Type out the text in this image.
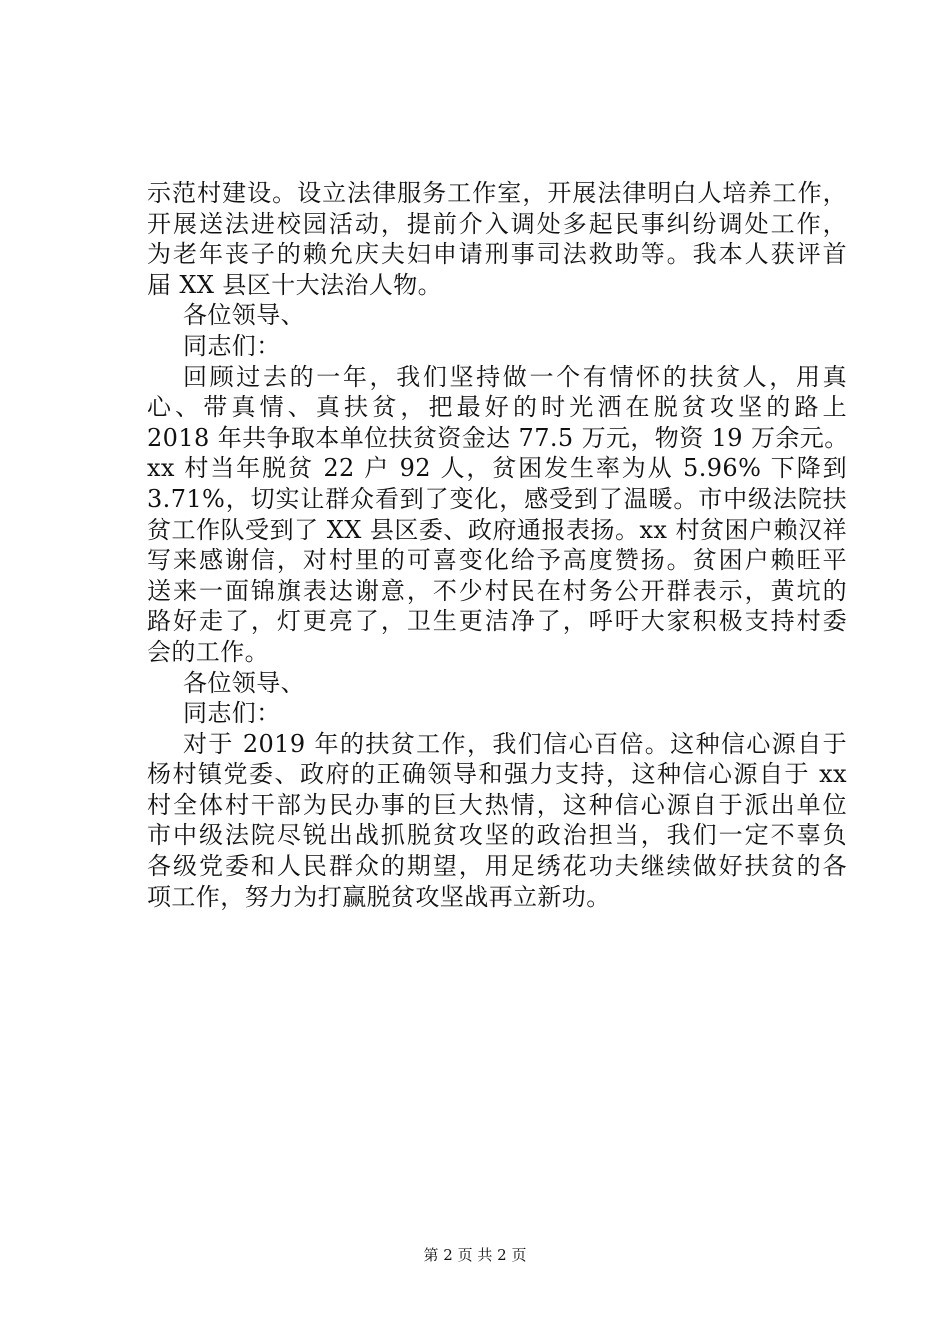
示范村建设。设立法律服务工作室，开展法律明白人培养工作，
开展送法进校园活动，提前介入调处多起民事纠纷调处工作，
为老年丧子的赖允庆夫妇申请刑事司法救助等。我本人获评首
届 XX 县区十大法治人物。
各位领导、
同志们：
回顾过去的一年，我们坚持做一个有情怀的扶贫人，用真
心、带真情、真扶贫，把最好的时光洒在脱贫攻坚的路上
2018 年共争取本单位扶贫资金达 77.5 万元，物资 19 万余元。
xx 村当年脱贫 22 户 92 人，贫困发生率为从 5.96% 下降到
3.71%，切实让群众看到了变化，感受到了温暖。市中级法院扶
贫工作队受到了 XX 县区委、政府通报表扬。xx 村贫困户赖汉祥
写来感谢信，对村里的可喜变化给予高度赞扬。贫困户赖旺平
送来一面锦旗表达谢意，不少村民在村务公开群表示，黄坑的
路好走了，灯更亮了，卫生更洁净了，呼吁大家积极支持村委
会的工作。
各位领导、
同志们：
对于 2019 年的扶贫工作，我们信心百倍。这种信心源自于
杨村镇党委、政府的正确领导和强力支持，这种信心源自于 xx
村全体村干部为民办事的巨大热情，这种信心源自于派出单位
市中级法院尽锐出战抓脱贫攻坚的政治担当，我们一定不辜负
各级党委和人民群众的期望，用足绣花功夫继续做好扶贫的各
项工作，努力为打赢脱贫攻坚战再立新功。
第 2 页 共 2 页
